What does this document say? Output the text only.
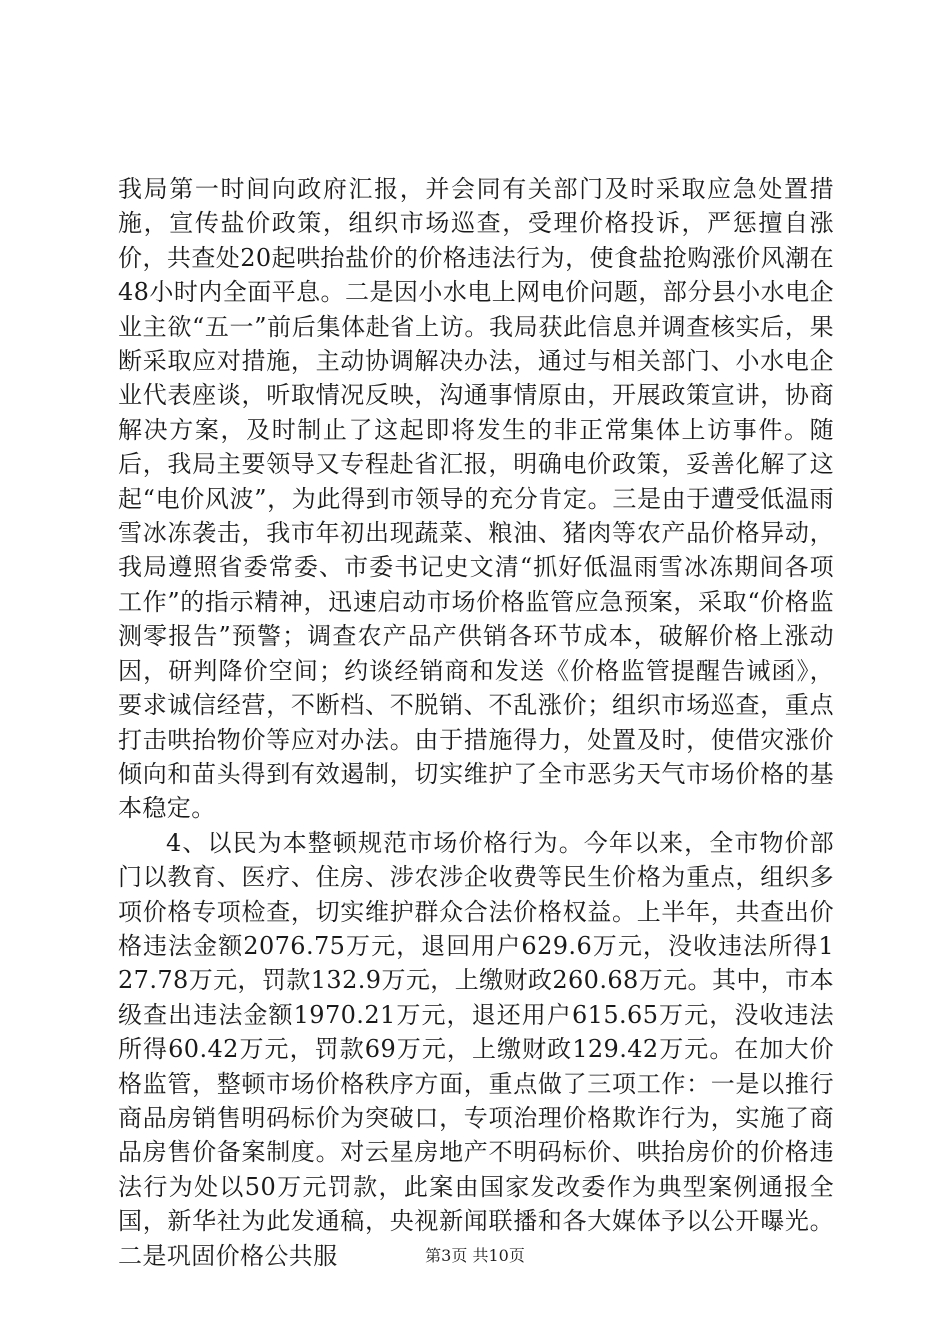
我局第一时间向政府汇报，并会同有关部门及时采取应急处置措施，宣传盐价政策，组织市场巡查，受理价格投诉，严惩擅自涨价，共查处20起哄抬盐价的价格违法行为，使食盐抢购涨价风潮在48小时内全面平息。二是因小水电上网电价问题，部分县小水电企业主欲“五一”前后集体赴省上访。我局获此信息并调查核实后，果断采取应对措施，主动协调解决办法，通过与相关部门、小水电企业代表座谈，听取情况反映，沟通事情原由，开展政策宣讲，协商解决方案，及时制止了这起即将发生的非正常集体上访事件。随后，我局主要领导又专程赴省汇报，明确电价政策，妥善化解了这起“电价风波”，为此得到市领导的充分肯定。三是由于遭受低温雨雪冰冻袭击，我市年初出现蔬菜、粮油、猪肉等农产品价格异动，我局遵照省委常委、市委书记史文清“抓好低温雨雪冰冻期间各项工作”的指示精神，迅速启动市场价格监管应急预案，采取“价格监测零报告”预警；调查农产品产供销各环节成本，破解价格上涨动因，研判降价空间；约谈经销商和发送《价格监管提醒告诫函》，要求诚信经营，不断档、不脱销、不乱涨价；组织市场巡查，重点打击哄抬物价等应对办法。由于措施得力，处置及时，使借灾涨价倾向和苗头得到有效遏制，切实维护了全市恶劣天气市场价格的基本稳定。

4、以民为本整顿规范市场价格行为。今年以来，全市物价部门以教育、医疗、住房、涉农涉企收费等民生价格为重点，组织多项价格专项检查，切实维护群众合法价格权益。上半年，共查出价格违法金额2076.75万元，退回用户629.6万元，没收违法所得127.78万元，罚款132.9万元，上缴财政260.68万元。其中，市本级查出违法金额1970.21万元，退还用户615.65万元，没收违法所得60.42万元，罚款69万元，上缴财政129.42万元。在加大价格监管，整顿市场价格秩序方面，重点做了三项工作：一是以推行商品房销售明码标价为突破口，专项治理价格欺诈行为，实施了商品房售价备案制度。对云星房地产不明码标价、哄抬房价的价格违法行为处以50万元罚款，此案由国家发改委作为典型案例通报全国，新华社为此发通稿，央视新闻联播和各大媒体予以公开曝光。二是巩固价格公共服	第3页 共10页
